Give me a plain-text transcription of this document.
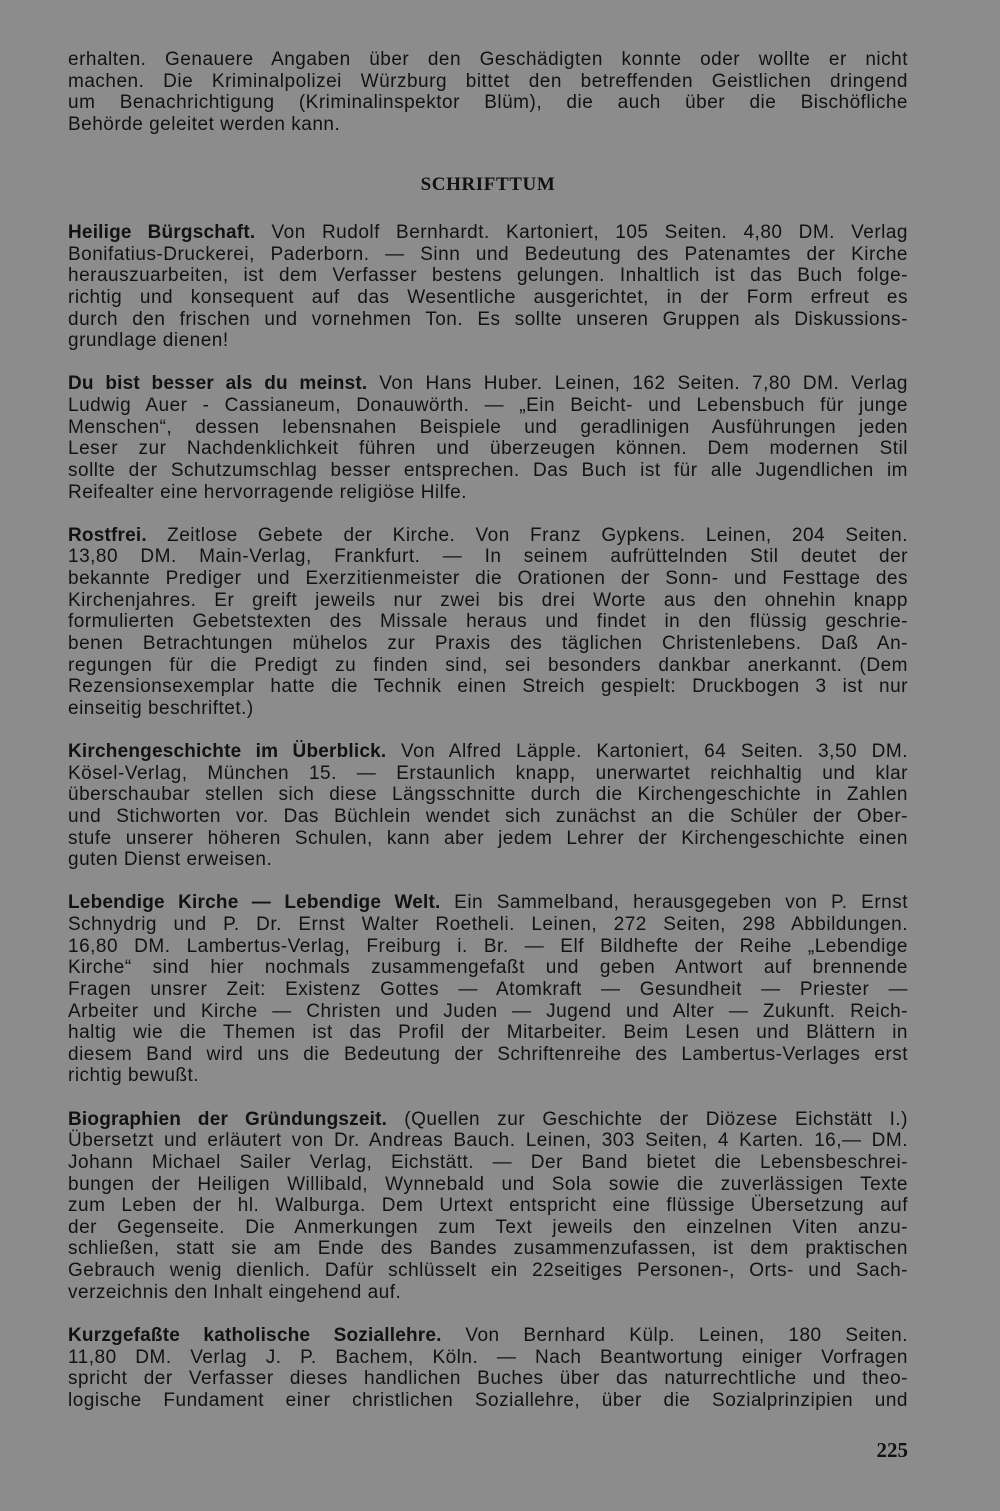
erhalten. Genauere Angaben über den Geschädigten konnte oder wollte er nicht
machen. Die Kriminalpolizei Würzburg bittet den betreffenden Geistlichen dringend
um Benachrichtigung (Kriminalinspektor Blüm), die auch über die Bischöfliche
Behörde geleitet werden kann.
SCHRIFTTUM
Heilige Bürgschaft. Von Rudolf Bernhardt. Kartoniert, 105 Seiten. 4,80 DM. Verlag
Bonifatius-Druckerei, Paderborn. — Sinn und Bedeutung des Patenamtes der Kirche
herauszuarbeiten, ist dem Verfasser bestens gelungen. Inhaltlich ist das Buch folge-
richtig und konsequent auf das Wesentliche ausgerichtet, in der Form erfreut es
durch den frischen und vornehmen Ton. Es sollte unseren Gruppen als Diskussions-
grundlage dienen!
Du bist besser als du meinst. Von Hans Huber. Leinen, 162 Seiten. 7,80 DM. Verlag
Ludwig Auer - Cassianeum, Donauwörth. — „Ein Beicht- und Lebensbuch für junge
Menschen“, dessen lebensnahen Beispiele und geradlinigen Ausführungen jeden
Leser zur Nachdenklichkeit führen und überzeugen können. Dem modernen Stil
sollte der Schutzumschlag besser entsprechen. Das Buch ist für alle Jugendlichen im
Reifealter eine hervorragende religiöse Hilfe.
Rostfrei. Zeitlose Gebete der Kirche. Von Franz Gypkens. Leinen, 204 Seiten.
13,80 DM. Main-Verlag, Frankfurt. — In seinem aufrüttelnden Stil deutet der
bekannte Prediger und Exerzitienmeister die Orationen der Sonn- und Festtage des
Kirchenjahres. Er greift jeweils nur zwei bis drei Worte aus den ohnehin knapp
formulierten Gebetstexten des Missale heraus und findet in den flüssig geschrie-
benen Betrachtungen mühelos zur Praxis des täglichen Christenlebens. Daß An-
regungen für die Predigt zu finden sind, sei besonders dankbar anerkannt. (Dem
Rezensionsexemplar hatte die Technik einen Streich gespielt: Druckbogen 3 ist nur
einseitig beschriftet.)
Kirchengeschichte im Überblick. Von Alfred Läpple. Kartoniert, 64 Seiten. 3,50 DM.
Kösel-Verlag, München 15. — Erstaunlich knapp, unerwartet reichhaltig und klar
überschaubar stellen sich diese Längsschnitte durch die Kirchengeschichte in Zahlen
und Stichworten vor. Das Büchlein wendet sich zunächst an die Schüler der Ober-
stufe unserer höheren Schulen, kann aber jedem Lehrer der Kirchengeschichte einen
guten Dienst erweisen.
Lebendige Kirche — Lebendige Welt. Ein Sammelband, herausgegeben von P. Ernst
Schnydrig und P. Dr. Ernst Walter Roetheli. Leinen, 272 Seiten, 298 Abbildungen.
16,80 DM. Lambertus-Verlag, Freiburg i. Br. — Elf Bildhefte der Reihe „Lebendige
Kirche“ sind hier nochmals zusammengefaßt und geben Antwort auf brennende
Fragen unsrer Zeit: Existenz Gottes — Atomkraft — Gesundheit — Priester —
Arbeiter und Kirche — Christen und Juden — Jugend und Alter — Zukunft. Reich-
haltig wie die Themen ist das Profil der Mitarbeiter. Beim Lesen und Blättern in
diesem Band wird uns die Bedeutung der Schriftenreihe des Lambertus-Verlages erst
richtig bewußt.
Biographien der Gründungszeit. (Quellen zur Geschichte der Diözese Eichstätt I.)
Übersetzt und erläutert von Dr. Andreas Bauch. Leinen, 303 Seiten, 4 Karten. 16,— DM.
Johann Michael Sailer Verlag, Eichstätt. — Der Band bietet die Lebensbeschrei-
bungen der Heiligen Willibald, Wynnebald und Sola sowie die zuverlässigen Texte
zum Leben der hl. Walburga. Dem Urtext entspricht eine flüssige Übersetzung auf
der Gegenseite. Die Anmerkungen zum Text jeweils den einzelnen Viten anzu-
schließen, statt sie am Ende des Bandes zusammenzufassen, ist dem praktischen
Gebrauch wenig dienlich. Dafür schlüsselt ein 22seitiges Personen-, Orts- und Sach-
verzeichnis den Inhalt eingehend auf.
Kurzgefaßte katholische Soziallehre. Von Bernhard Külp. Leinen, 180 Seiten.
11,80 DM. Verlag J. P. Bachem, Köln. — Nach Beantwortung einiger Vorfragen
spricht der Verfasser dieses handlichen Buches über das naturrechtliche und theo-
logische Fundament einer christlichen Soziallehre, über die Sozialprinzipien und
225
